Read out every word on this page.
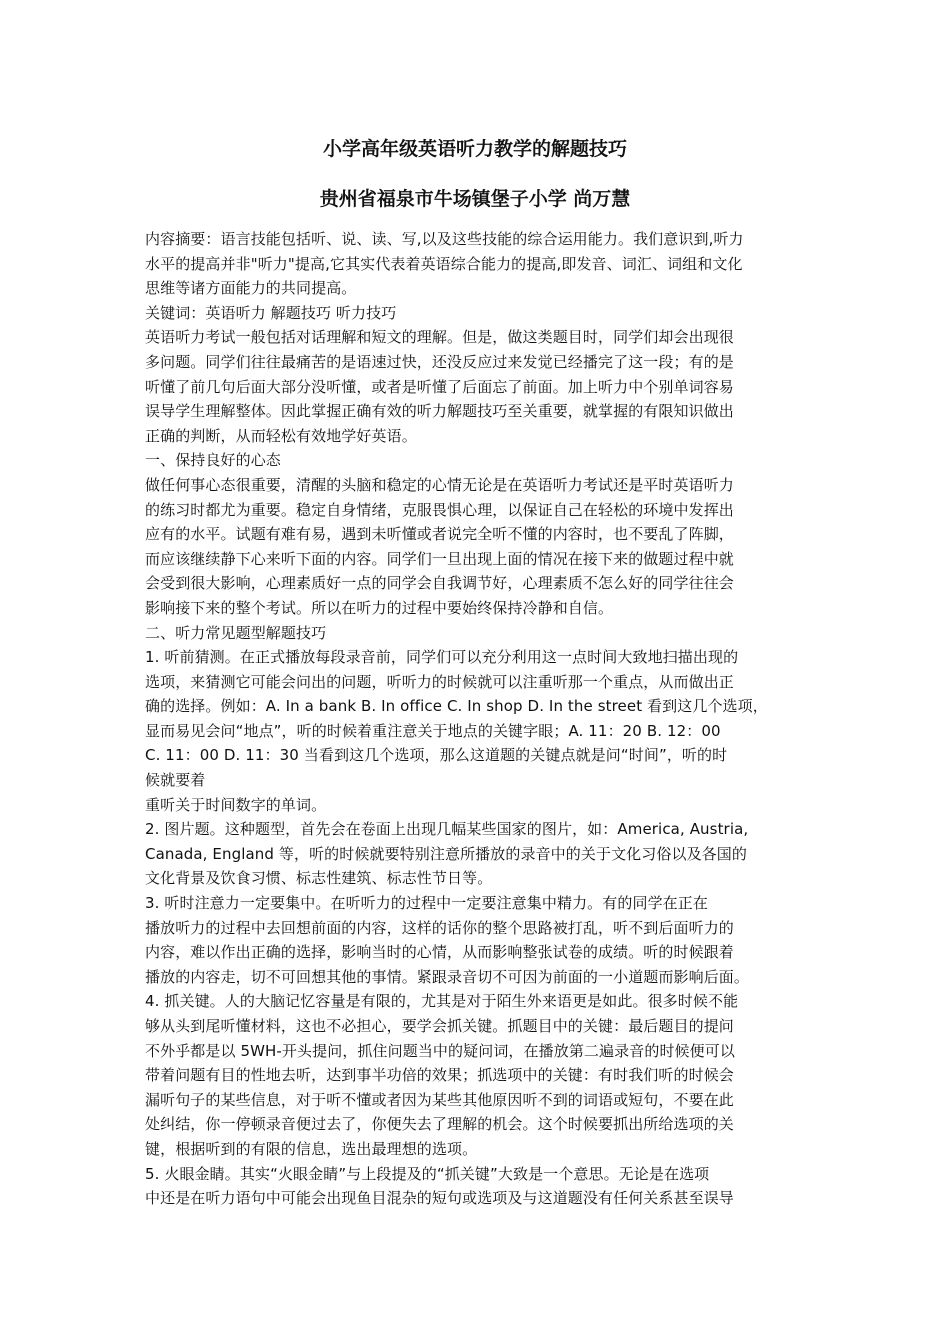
小学高年级英语听力教学的解题技巧
贵州省福泉市牛场镇堡子小学 尚万慧
内容摘要：语言技能包括听、说、读、写,以及这些技能的综合运用能力。我们意识到,听力
水平的提高并非"听力"提高,它其实代表着英语综合能力的提高,即发音、词汇、词组和文化
思维等诸方面能力的共同提高。
关键词：英语听力 解题技巧 听力技巧
英语听力考试一般包括对话理解和短文的理解。但是，做这类题目时，同学们却会出现很
多问题。同学们往往最痛苦的是语速过快，还没反应过来发觉已经播完了这一段；有的是
听懂了前几句后面大部分没听懂，或者是听懂了后面忘了前面。加上听力中个别单词容易
误导学生理解整体。因此掌握正确有效的听力解题技巧至关重要，就掌握的有限知识做出
正确的判断，从而轻松有效地学好英语。
一、保持良好的心态
做任何事心态很重要，清醒的头脑和稳定的心情无论是在英语听力考试还是平时英语听力
的练习时都尤为重要。稳定自身情绪，克服畏惧心理，以保证自己在轻松的环境中发挥出
应有的水平。试题有难有易，遇到未听懂或者说完全听不懂的内容时，也不要乱了阵脚，
而应该继续静下心来听下面的内容。同学们一旦出现上面的情况在接下来的做题过程中就
会受到很大影响，心理素质好一点的同学会自我调节好，心理素质不怎么好的同学往往会
影响接下来的整个考试。所以在听力的过程中要始终保持冷静和自信。
二、听力常见题型解题技巧
1. 听前猜测。在正式播放每段录音前，同学们可以充分利用这一点时间大致地扫描出现的
选项，来猜测它可能会问出的问题，听听力的时候就可以注重听那一个重点，从而做出正
确的选择。例如：A. In a bank B. In office C. In shop D. In the street 看到这几个选项，
显而易见会问“地点”，听的时候着重注意关于地点的关键字眼；A. 11：20 B. 12：00
C. 11：00 D. 11：30 当看到这几个选项，那么这道题的关键点就是问“时间”，听的时
候就要着
重听关于时间数字的单词。
2. 图片题。这种题型，首先会在卷面上出现几幅某些国家的图片，如：America, Austria,
Canada, England 等，听的时候就要特别注意所播放的录音中的关于文化习俗以及各国的
文化背景及饮食习惯、标志性建筑、标志性节日等。
3. 听时注意力一定要集中。在听听力的过程中一定要注意集中精力。有的同学在正在
播放听力的过程中去回想前面的内容，这样的话你的整个思路被打乱，听不到后面听力的
内容，难以作出正确的选择，影响当时的心情，从而影响整张试卷的成绩。听的时候跟着
播放的内容走，切不可回想其他的事情。紧跟录音切不可因为前面的一小道题而影响后面。
4. 抓关键。人的大脑记忆容量是有限的，尤其是对于陌生外来语更是如此。很多时候不能
够从头到尾听懂材料，这也不必担心，要学会抓关键。抓题目中的关键：最后题目的提问
不外乎都是以 5WH-开头提问，抓住问题当中的疑问词，在播放第二遍录音的时候便可以
带着问题有目的性地去听，达到事半功倍的效果；抓选项中的关键：有时我们听的时候会
漏听句子的某些信息，对于听不懂或者因为某些其他原因听不到的词语或短句，不要在此
处纠结，你一停顿录音便过去了，你便失去了理解的机会。这个时候要抓出所给选项的关
键，根据听到的有限的信息，选出最理想的选项。
5. 火眼金睛。其实“火眼金睛”与上段提及的“抓关键”大致是一个意思。无论是在选项
中还是在听力语句中可能会出现鱼目混杂的短句或选项及与这道题没有任何关系甚至误导
